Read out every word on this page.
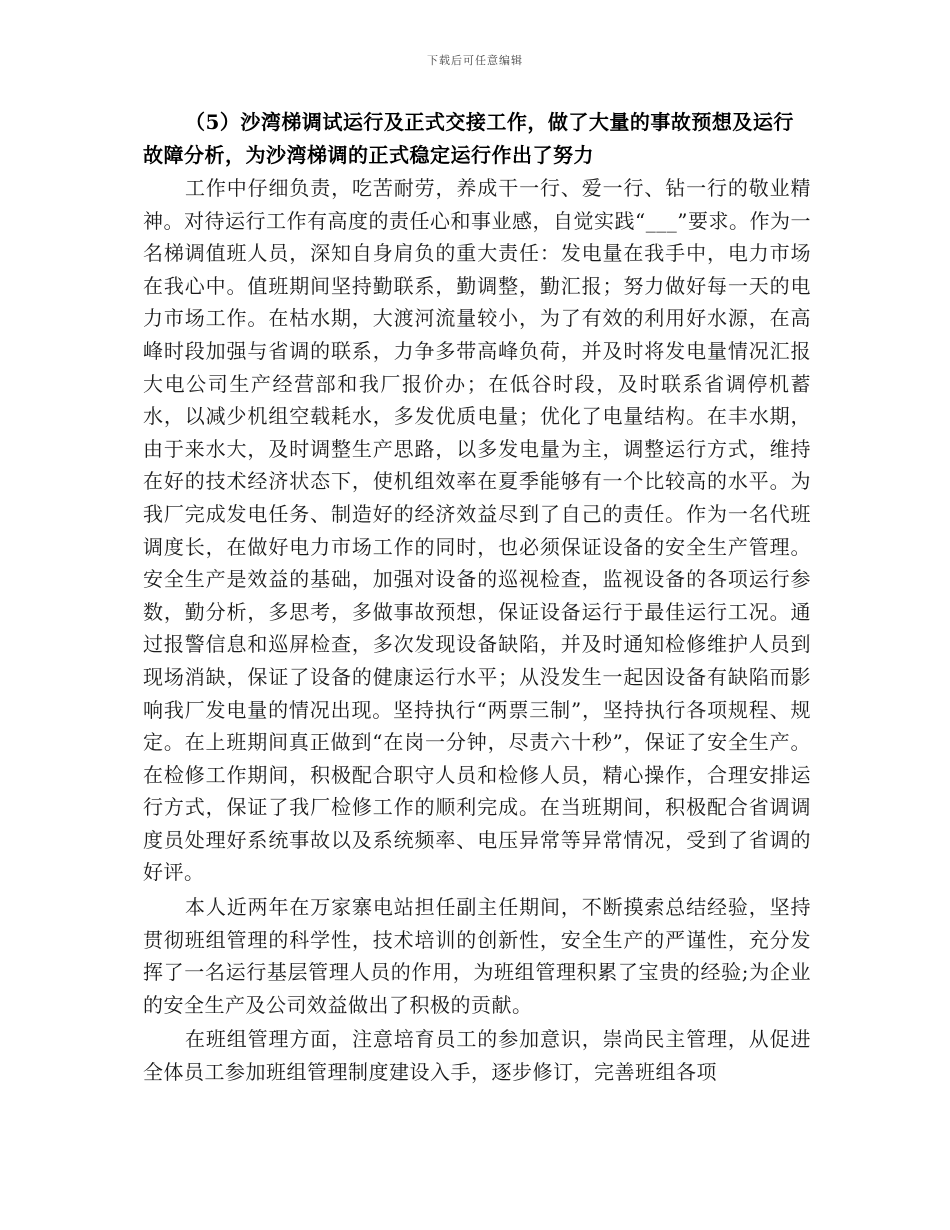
下载后可任意编辑

（5）沙湾梯调试运行及正式交接工作，做了大量的事故预想及运行故障分析，为沙湾梯调的正式稳定运行作出了努力

工作中仔细负责，吃苦耐劳，养成干一行、爱一行、钻一行的敬业精神。对待运行工作有高度的责任心和事业感，自觉实践“___”要求。作为一名梯调值班人员，深知自身肩负的重大责任：发电量在我手中，电力市场在我心中。值班期间坚持勤联系，勤调整，勤汇报；努力做好每一天的电力市场工作。在枯水期，大渡河流量较小，为了有效的利用好水源，在高峰时段加强与省调的联系，力争多带高峰负荷，并及时将发电量情况汇报大电公司生产经营部和我厂报价办；在低谷时段，及时联系省调停机蓄水，以减少机组空载耗水，多发优质电量；优化了电量结构。在丰水期，由于来水大，及时调整生产思路，以多发电量为主，调整运行方式，维持在好的技术经济状态下，使机组效率在夏季能够有一个比较高的水平。为我厂完成发电任务、制造好的经济效益尽到了自己的责任。作为一名代班调度长，在做好电力市场工作的同时，也必须保证设备的安全生产管理。安全生产是效益的基础，加强对设备的巡视检查，监视设备的各项运行参数，勤分析，多思考，多做事故预想，保证设备运行于最佳运行工况。通过报警信息和巡屏检查，多次发现设备缺陷，并及时通知检修维护人员到现场消缺，保证了设备的健康运行水平；从没发生一起因设备有缺陷而影响我厂发电量的情况出现。坚持执行“两票三制”，坚持执行各项规程、规定。在上班期间真正做到“在岗一分钟，尽责六十秒”，保证了安全生产。在检修工作期间，积极配合职守人员和检修人员，精心操作，合理安排运行方式，保证了我厂检修工作的顺利完成。在当班期间，积极配合省调调度员处理好系统事故以及系统频率、电压异常等异常情况，受到了省调的好评。

本人近两年在万家寨电站担任副主任期间，不断摸索总结经验，坚持贯彻班组管理的科学性，技术培训的创新性，安全生产的严谨性，充分发挥了一名运行基层管理人员的作用，为班组管理积累了宝贵的经验;为企业的安全生产及公司效益做出了积极的贡献。

在班组管理方面，注意培育员工的参加意识，崇尚民主管理，从促进全体员工参加班组管理制度建设入手，逐步修订，完善班组各项
